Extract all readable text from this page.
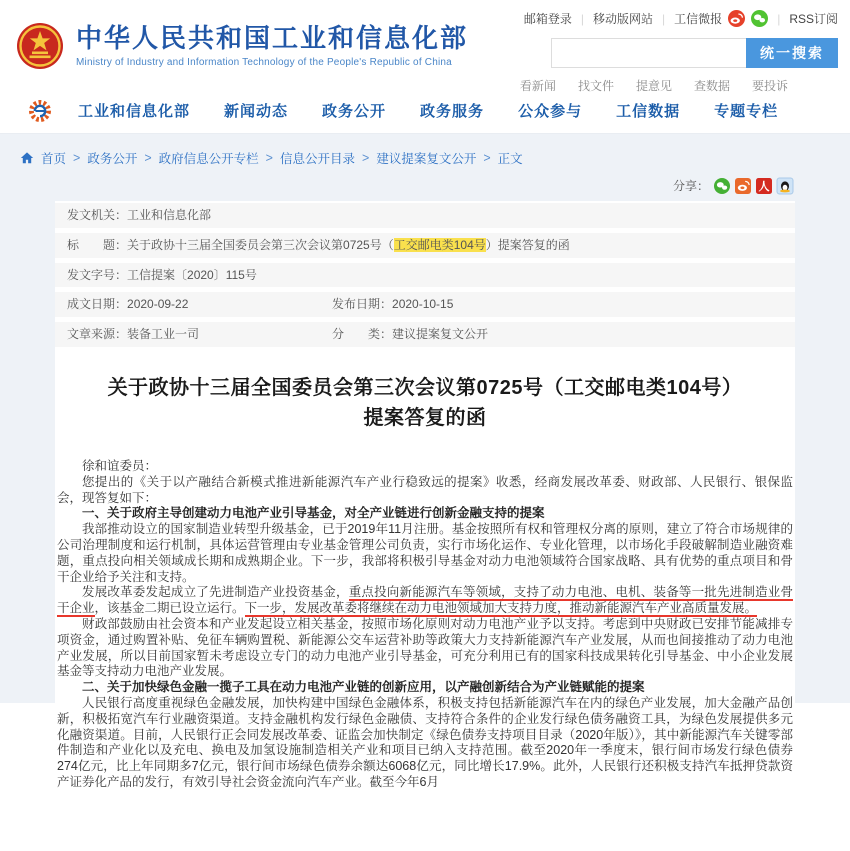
中华人民共和国工业和信息化部
Ministry of Industry and Information Technology of the People's Republic of China
邮箱登录 | 移动版网站 | 工信微报	| RSS订阅
统一搜索
看新闻 找文件 提意见 查数据 要投诉
工业和信息化部 新闻动态 政务公开 政务服务 公众参与 工信数据 专题专栏
首页 > 政务公开 > 政府信息公开专栏 > 信息公开目录 > 建议提案复文公开 > 正文
分享：	人
发文机关：工业和信息化部
标　　题：关于政协十三届全国委员会第三次会议第0725号（工交邮电类104号）提案答复的函
发文字号：工信提案〔2020〕115号
成文日期：2020-09-22	发布日期：2020-10-15
文章来源：装备工业一司	分　　类：建议提案复文公开
关于政协十三届全国委员会第三次会议第0725号（工交邮电类104号）提案答复的函

徐和谊委员：

您提出的《关于以产融结合新模式推进新能源汽车产业行稳致远的提案》收悉，经商发展改革委、财政部、人民银行、银保监会，现答复如下：

一、关于政府主导创建动力电池产业引导基金，对全产业链进行创新金融支持的提案

我部推动设立的国家制造业转型升级基金，已于2019年11月注册。基金按照所有权和管理权分离的原则，建立了符合市场规律的公司治理制度和运行机制，具体运营管理由专业基金管理公司负责，实行市场化运作、专业化管理，以市场化手段破解制造业融资难题，重点投向相关领域成长期和成熟期企业。下一步，我部将积极引导基金对动力电池领域符合国家战略、具有优势的重点项目和骨干企业给予关注和支持。

发展改革委发起成立了先进制造产业投资基金，重点投向新能源汽车等领域，支持了动力电池、电机、装备等一批先进制造业骨干企业，该基金二期已设立运行。下一步，发展改革委将继续在动力电池领域加大支持力度，推动新能源汽车产业高质量发展。

财政部鼓励由社会资本和产业发起设立相关基金，按照市场化原则对动力电池产业予以支持。考虑到中央财政已安排节能减排专项资金，通过购置补贴、免征车辆购置税、新能源公交车运营补助等政策大力支持新能源汽车产业发展，从而也间接推动了动力电池产业发展，所以目前国家暂未考虑设立专门的动力电池产业引导基金，可充分利用已有的国家科技成果转化引导基金、中小企业发展基金等支持动力电池产业发展。

二、关于加快绿色金融一揽子工具在动力电池产业链的创新应用，以产融创新结合为产业链赋能的提案

人民银行高度重视绿色金融发展，加快构建中国绿色金融体系，积极支持包括新能源汽车在内的绿色产业发展，加大金融产品创新，积极拓宽汽车行业融资渠道。支持金融机构发行绿色金融债、支持符合条件的企业发行绿色债务融资工具，为绿色发展提供多元化融资渠道。目前，人民银行正会同发展改革委、证监会加快制定《绿色债券支持项目目录（2020年版）》，其中新能源汽车关键零部件制造和产业化以及充电、换电及加氢设施制造相关产业和项目已纳入支持范围。截至2020年一季度末，银行间市场发行绿色债券274亿元，比上年同期多7亿元，银行间市场绿色债券余额达6068亿元，同比增长17.9%。此外，人民银行还积极支持汽车抵押贷款资产证券化产品的发行，有效引导社会资金流向汽车产业。截至今年6月
